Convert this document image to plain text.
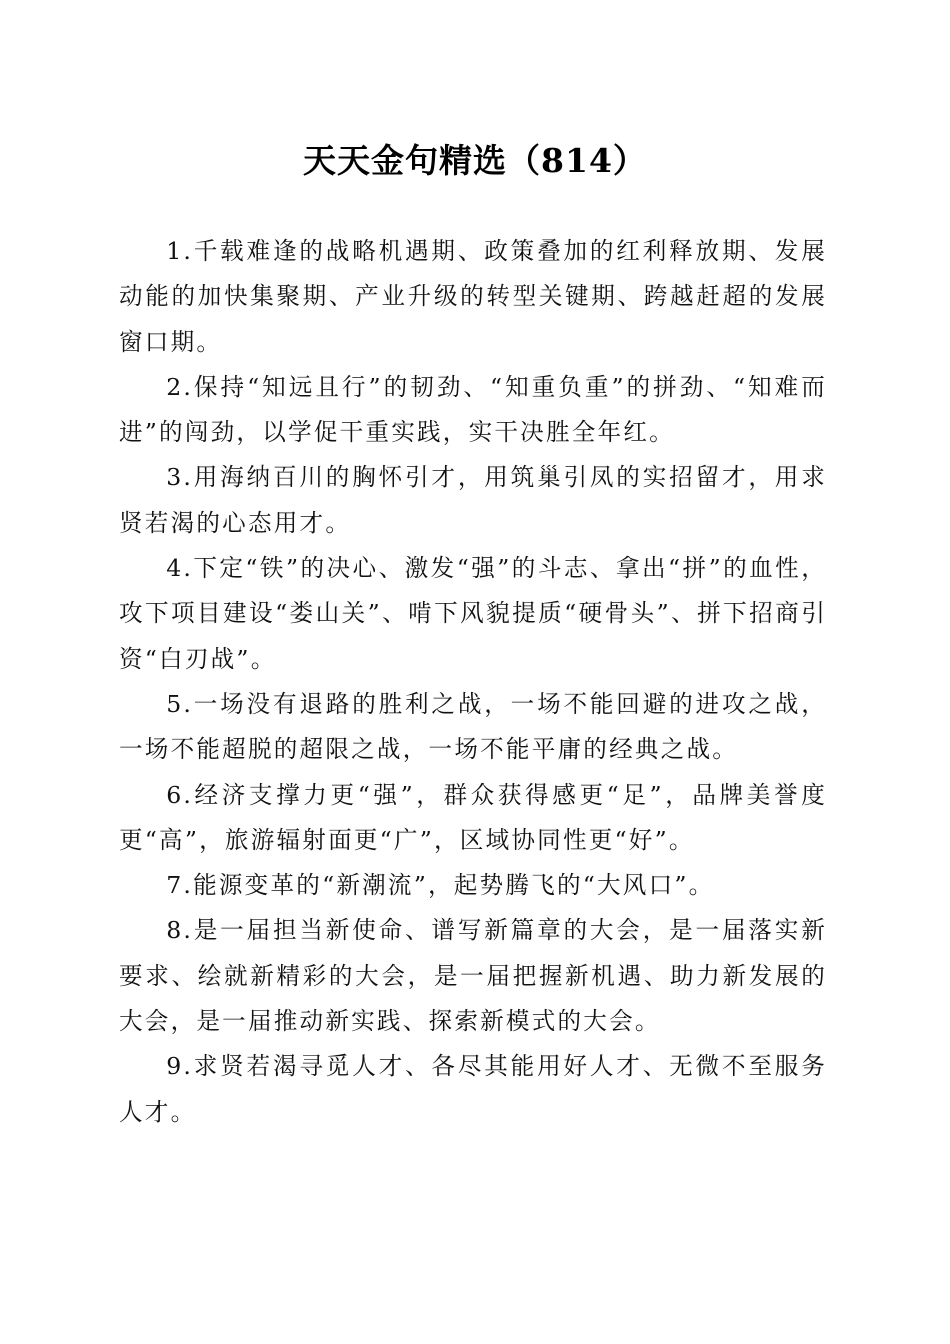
天天金句精选（814）

1.千载难逢的战略机遇期、政策叠加的红利释放期、发展动能的加快集聚期、产业升级的转型关键期、跨越赶超的发展窗口期。

2.保持“知远且行”的韧劲、“知重负重”的拼劲、“知难而进”的闯劲，以学促干重实践，实干决胜全年红。

3.用海纳百川的胸怀引才，用筑巢引凤的实招留才，用求贤若渴的心态用才。

4.下定“铁”的决心、激发“强”的斗志、拿出“拼”的血性，攻下项目建设“娄山关”、啃下风貌提质“硬骨头”、拼下招商引资“白刃战”。

5.一场没有退路的胜利之战，一场不能回避的进攻之战，一场不能超脱的超限之战，一场不能平庸的经典之战。

6.经济支撑力更“强”，群众获得感更“足”，品牌美誉度更“高”，旅游辐射面更“广”，区域协同性更“好”。

7.能源变革的“新潮流”，起势腾飞的“大风口”。

8.是一届担当新使命、谱写新篇章的大会，是一届落实新要求、绘就新精彩的大会，是一届把握新机遇、助力新发展的大会，是一届推动新实践、探索新模式的大会。

9.求贤若渴寻觅人才、各尽其能用好人才、无微不至服务人才。
